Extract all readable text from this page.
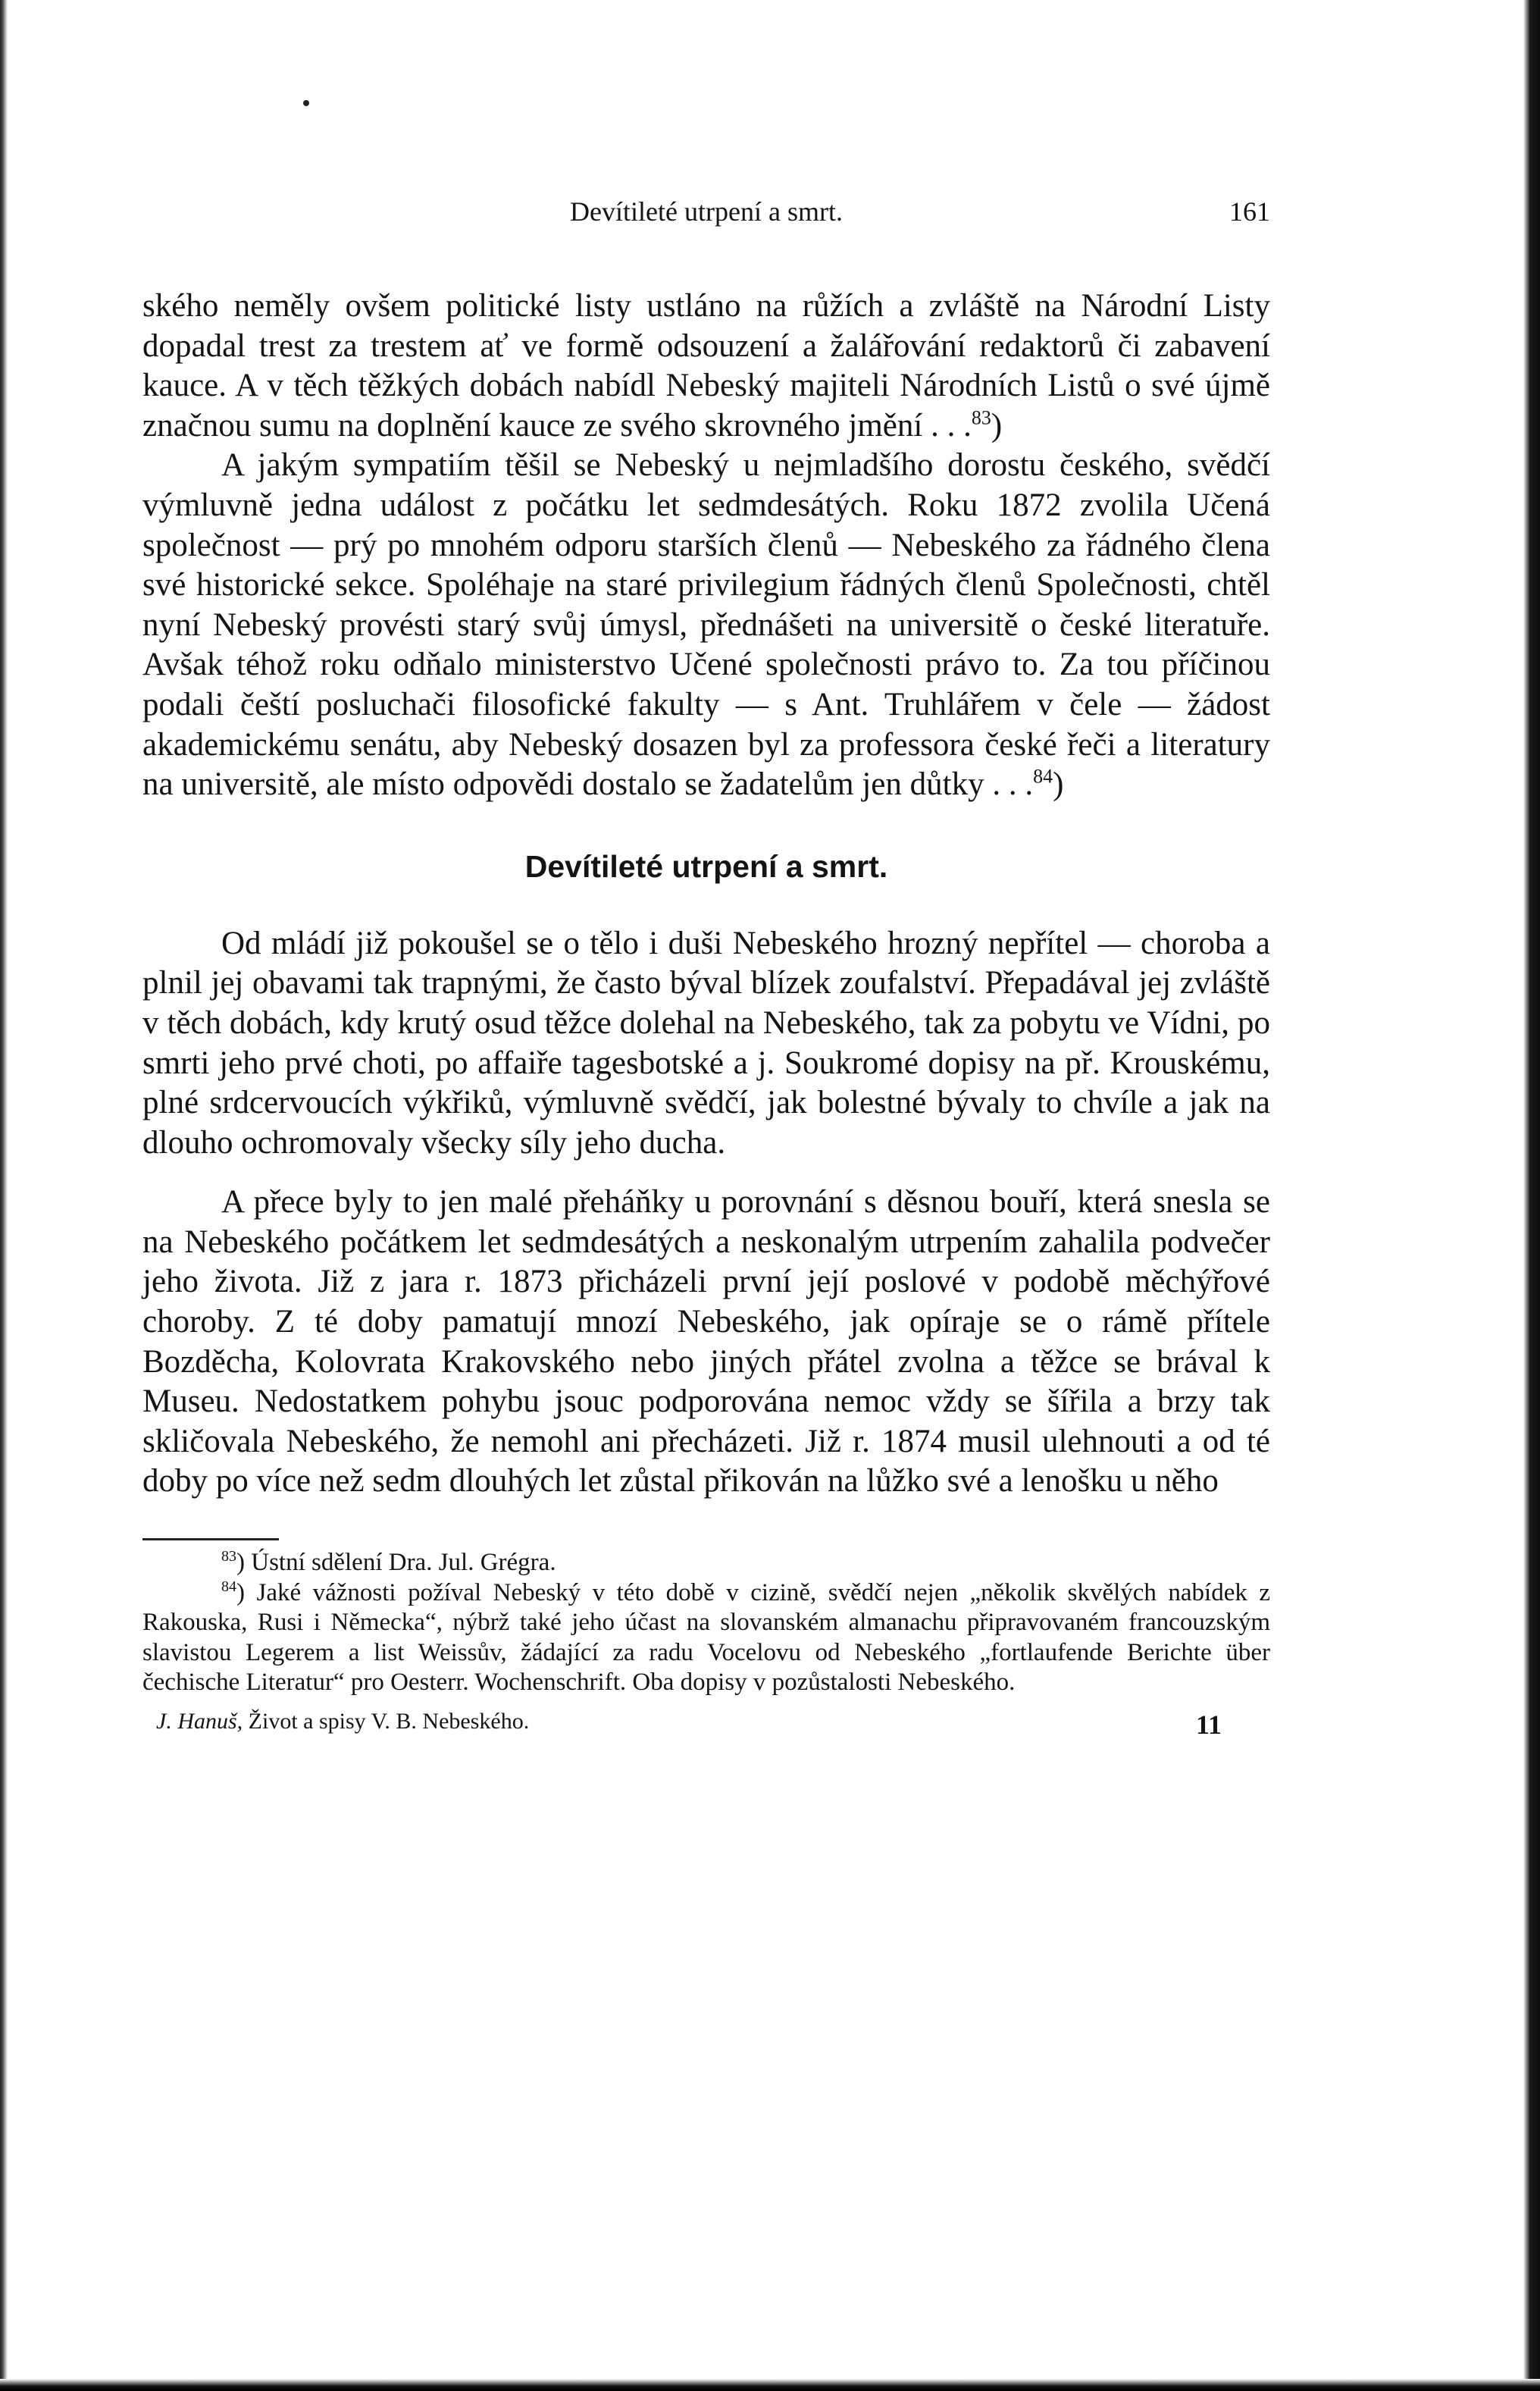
Devítileté utrpení a smrt.	161

ského neměly ovšem politické listy ustláno na růžích a zvláště na Národní Listy dopadal trest za trestem ať ve formě odsouzení a žalářování redaktorů či zabavení kauce. A v těch těžkých dobách nabídl Nebeský majiteli Národních Listů o své újmě značnou sumu na doplnění kauce ze svého skrovného jmění . . .$^{83}$)

A jakým sympatiím těšil se Nebeský u nejmladšího dorostu českého, svědčí výmluvně jedna událost z počátku let sedmdesátých. Roku 1872 zvolila Učená společnost — prý po mnohém odporu starších členů — Nebeského za řádného člena své historické sekce. Spoléhaje na staré privilegium řádných členů Společnosti, chtěl nyní Nebeský provésti starý svůj úmysl, přednášeti na universitě o české literatuře. Avšak téhož roku odňalo ministerstvo Učené společnosti právo to. Za tou příčinou podali čeští posluchači filosofické fakulty — s Ant. Truhlářem v čele — žádost akademickému senátu, aby Nebeský dosazen byl za professora české řeči a literatury na universitě, ale místo odpovědi dostalo se žadatelům jen důtky . . .$^{84}$)

Devítileté utrpení a smrt.

Od mládí již pokoušel se o tělo i duši Nebeského hrozný nepřítel — choroba a plnil jej obavami tak trapnými, že často býval blízek zoufalství. Přepadával jej zvláště v těch dobách, kdy krutý osud těžce dolehal na Nebeského, tak za pobytu ve Vídni, po smrti jeho prvé choti, po affaiře tagesbotské a j. Soukromé dopisy na př. Krouskému, plné srdcervoucích výkřiků, výmluvně svědčí, jak bolestné bývaly to chvíle a jak na dlouho ochromovaly všecky síly jeho ducha.

A přece byly to jen malé přeháňky u porovnání s děsnou bouří, která snesla se na Nebeského počátkem let sedmdesátých a neskonalým utrpením zahalila podvečer jeho života. Již z jara r. 1873 přicházeli první její poslové v podobě měchýřové choroby. Z té doby pamatují mnozí Nebeského, jak opíraje se o rámě přítele Bozděcha, Kolovrata Krakovského nebo jiných přátel zvolna a těžce se brával k Museu. Nedostatkem pohybu jsouc podporována nemoc vždy se šířila a brzy tak skličovala Nebeského, že nemohl ani přecházeti. Již r. 1874 musil ulehnouti a od té doby po více než sedm dlouhých let zůstal přikován na lůžko své a lenošku u něho

$^{83}$) Ústní sdělení Dra. Jul. Grégra.

$^{84}$) Jaké vážnosti požíval Nebeský v této době v cizině, svědčí nejen „několik skvělých nabídek z Rakouska, Rusi i Německa“, nýbrž také jeho účast na slovanském almanachu připravovaném francouzským slavistou Legerem a list Weissův, žádající za radu Vocelovu od Nebeského „fortlaufende Berichte über čechische Literatur“ pro Oesterr. Wochenschrift. Oba dopisy v pozůstalosti Nebeského.

J. Hanuš, Život a spisy V. B. Nebeského.	11
